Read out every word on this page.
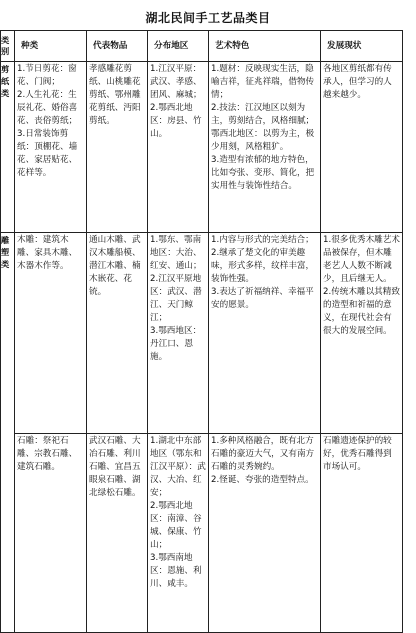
湖北民间手工艺品类目
类别	种类	代表物品	分布地区	艺术特色	发展现状
剪纸类	1.节日剪花：窗花、门阀；
2.人生礼花：生辰礼花、婚俗喜花、丧俗剪纸；
3.日常装饰剪纸：顶棚花、墙花、家居贴花、花样等。	孝感雕花剪纸、山桃雕花剪纸、鄂州雕花剪纸、沔阳剪纸。	1.江汉平原：武汉、孝感、团风、麻城；
2.鄂西北地区：房县、竹山。	1.题材：反映现实生活，隐喻吉祥，征兆祥瑞，借物传情；
2.技法：江汉地区以刻为主，剪刻结合，风格细腻；鄂西北地区：以剪为主，极少用刻，风格粗犷。
3.造型有浓郁的地方特色，比如夸张、变形、简化，把实用性与装饰性结合。	各地区剪纸都有传承人，但学习的人越来越少。

雕塑类	木雕：建筑木雕、家具木雕、木器木作等。	通山木雕、武汉木雕船模、潜江木雕、楠木嵌花、花铳。	1.鄂东、鄂南地区：大治、红安、通山；
2.江汉平原地区：武汉、潜江、天门鲸江；
3.鄂西地区：丹江口、恩施。	1.内容与形式的完美结合；
2.继承了楚文化的审美趣味，形式多样，纹样丰富，装饰性强。
3.表达了祈福纳祥、幸福平安的愿景。	1.很多优秀木雕艺术品被保存，但木雕老艺人人数不断减少，且后继无人。
2.传统木雕以其精致的造型和祈福的意义，在现代社会有很大的发展空间。

	石雕：祭祀石雕、宗教石雕、建筑石雕。	武汉石雕、大冶石雕、利川石雕、宜昌五眼泉石雕、湖北绿松石雕。	1.湖北中东部地区（鄂东和江汉平原）：武汉、大冶、红安；
2.鄂西北地区：南漳、谷城、保康、竹山；
3.鄂西南地区：恩施、利川、咸丰。	1.多种风格融合，既有北方石雕的豪迈大气，又有南方石雕的灵秀婉约。
2.怪诞、夸张的造型特点。	石雕遗迹保护的较好，优秀石雕得到市场认可。
